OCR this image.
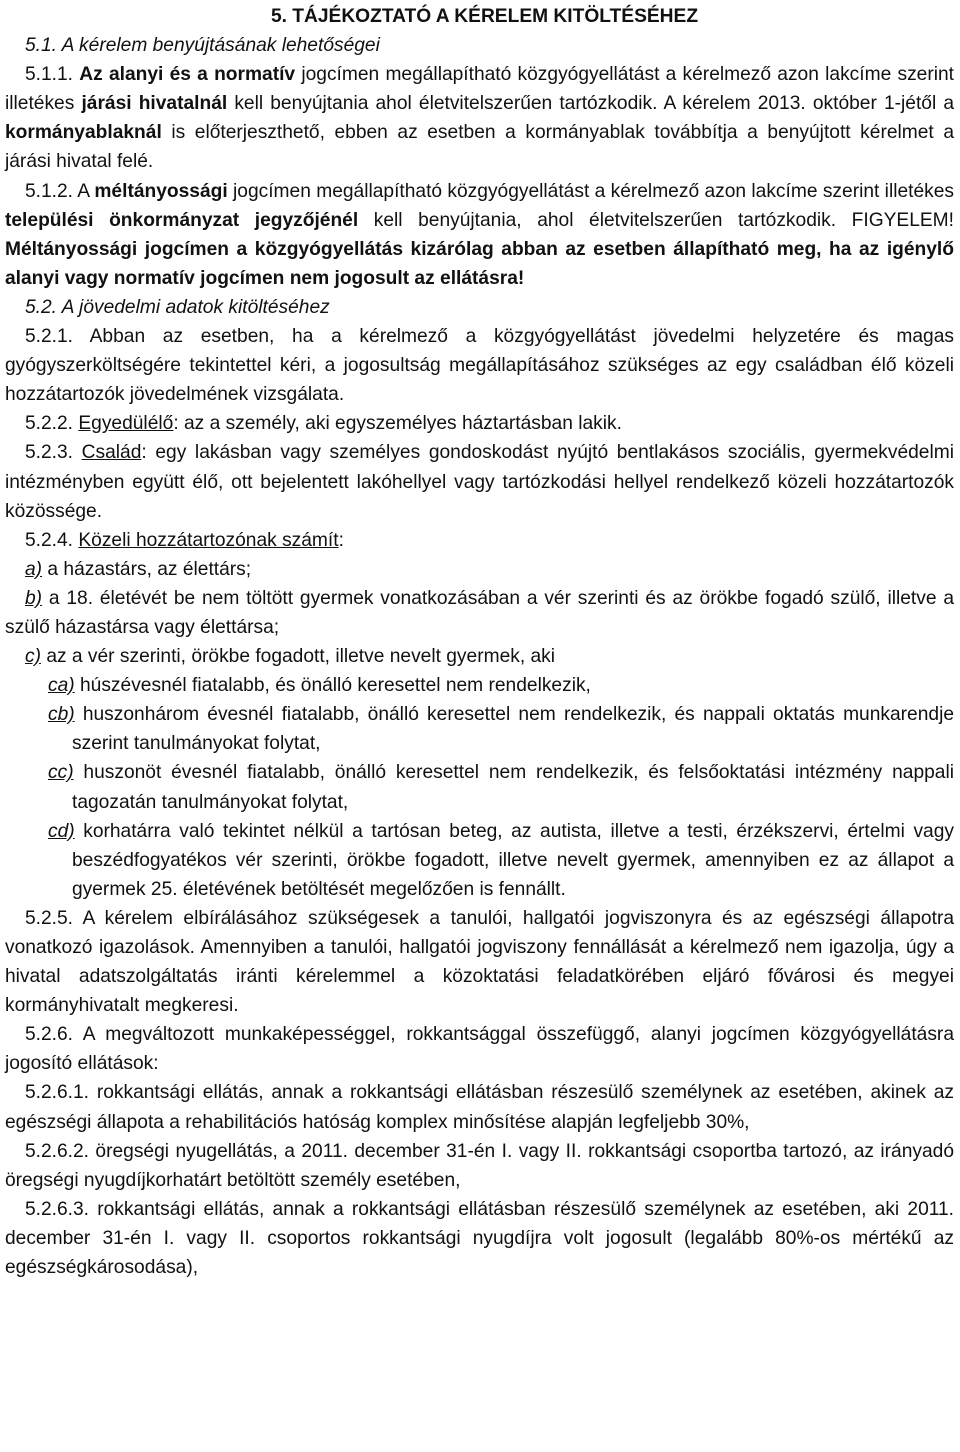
5. TÁJÉKOZTATÓ A KÉRELEM KITÖLTÉSÉHEZ

5.1. A kérelem benyújtásának lehetőségei

5.1.1. Az alanyi és a normatív jogcímen megállapítható közgyógyellátást a kérelmező azon lakcíme szerint illetékes járási hivatalnál kell benyújtania ahol életvitelszerűen tartózkodik. A kérelem 2013. október 1-jétől a kormányablaknál is előterjeszthető, ebben az esetben a kormányablak továbbítja a benyújtott kérelmet a járási hivatal felé.

5.1.2. A méltányossági jogcímen megállapítható közgyógyellátást a kérelmező azon lakcíme szerint illetékes települési önkormányzat jegyzőjénél kell benyújtania, ahol életvitelszerűen tartózkodik. FIGYELEM! Méltányossági jogcímen a közgyógyellátás kizárólag abban az esetben állapítható meg, ha az igénylő alanyi vagy normatív jogcímen nem jogosult az ellátásra!

5.2. A jövedelmi adatok kitöltéséhez

5.2.1. Abban az esetben, ha a kérelmező a közgyógyellátást jövedelmi helyzetére és magas gyógyszerköltségére tekintettel kéri, a jogosultság megállapításához szükséges az egy családban élő közeli hozzátartozók jövedelmének vizsgálata.

5.2.2. Egyedülélő: az a személy, aki egyszemélyes háztartásban lakik.

5.2.3. Család: egy lakásban vagy személyes gondoskodást nyújtó bentlakásos szociális, gyermekvédelmi intézményben együtt élő, ott bejelentett lakóhellyel vagy tartózkodási hellyel rendelkező közeli hozzátartozók közössége.

5.2.4. Közeli hozzátartozónak számít:

a) a házastárs, az élettárs;

b) a 18. életévét be nem töltött gyermek vonatkozásában a vér szerinti és az örökbe fogadó szülő, illetve a szülő házastársa vagy élettársa;

c) az a vér szerinti, örökbe fogadott, illetve nevelt gyermek, aki

ca) húszévesnél fiatalabb, és önálló keresettel nem rendelkezik,

cb) huszonhárom évesnél fiatalabb, önálló keresettel nem rendelkezik, és nappali oktatás munkarendje szerint tanulmányokat folytat,

cc) huszonöt évesnél fiatalabb, önálló keresettel nem rendelkezik, és felsőoktatási intézmény nappali tagozatán tanulmányokat folytat,

cd) korhatárra való tekintet nélkül a tartósan beteg, az autista, illetve a testi, érzékszervi, értelmi vagy beszédfogyatékos vér szerinti, örökbe fogadott, illetve nevelt gyermek, amennyiben ez az állapot a gyermek 25. életévének betöltését megelőzően is fennállt.

5.2.5. A kérelem elbírálásához szükségesek a tanulói, hallgatói jogviszonyra és az egészségi állapotra vonatkozó igazolások. Amennyiben a tanulói, hallgatói jogviszony fennállását a kérelmező nem igazolja, úgy a hivatal adatszolgáltatás iránti kérelemmel a közoktatási feladatkörében eljáró fővárosi és megyei kormányhivatalt megkeresi.

5.2.6. A megváltozott munkaképességgel, rokkantsággal összefüggő, alanyi jogcímen közgyógyellátásra jogosító ellátások:

5.2.6.1. rokkantsági ellátás, annak a rokkantsági ellátásban részesülő személynek az esetében, akinek az egészségi állapota a rehabilitációs hatóság komplex minősítése alapján legfeljebb 30%,

5.2.6.2. öregségi nyugellátás, a 2011. december 31-én I. vagy II. rokkantsági csoportba tartozó, az irányadó öregségi nyugdíjkorhatárt betöltött személy esetében,

5.2.6.3. rokkantsági ellátás, annak a rokkantsági ellátásban részesülő személynek az esetében, aki 2011. december 31-én I. vagy II. csoportos rokkantsági nyugdíjra volt jogosult (legalább 80%-os mértékű az egészségkárosodása),
